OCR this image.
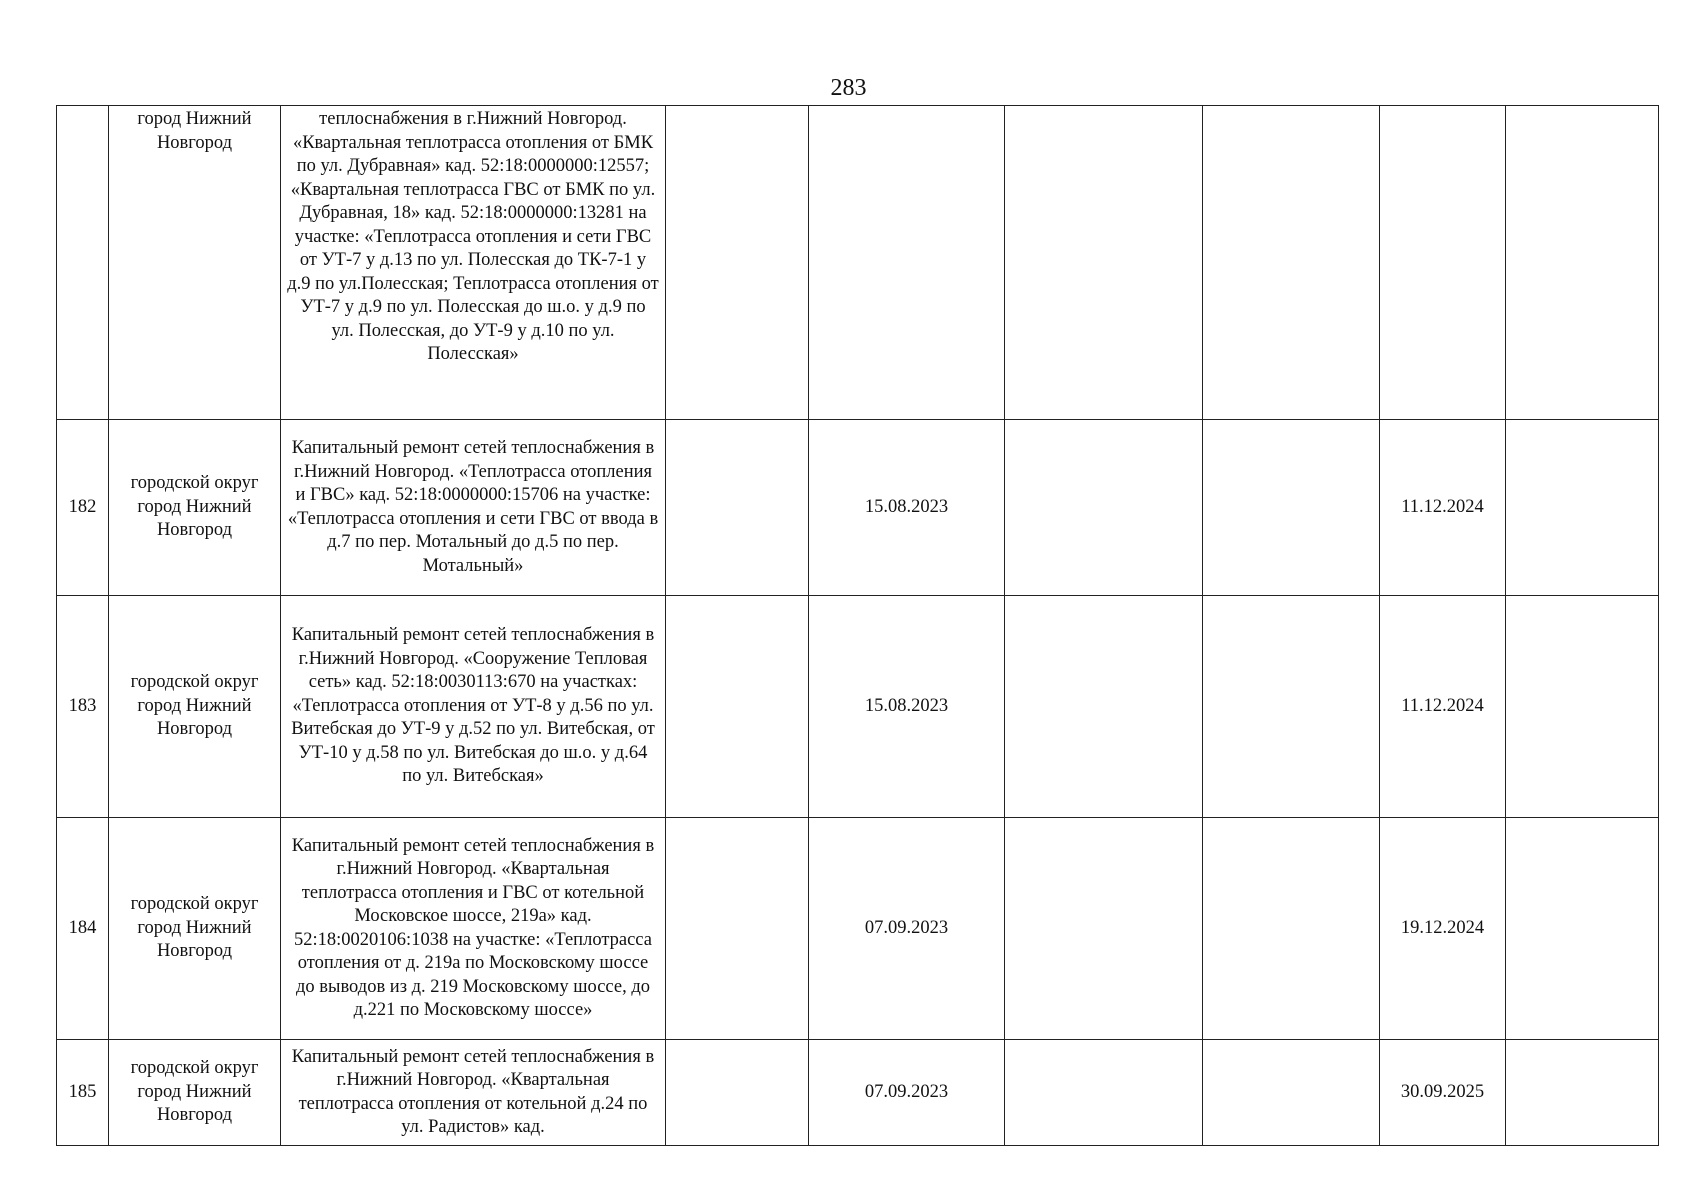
283
	город Нижний Новгород	теплоснабжения в г.Нижний Новгород. «Квартальная теплотрасса отопления от БМК по ул. Дубравная» кад. 52:18:0000000:12557; «Квартальная теплотрасса ГВС от БМК по ул. Дубравная, 18» кад. 52:18:0000000:13281 на участке: «Теплотрасса отопления и сети ГВС от УТ-7 у д.13 по ул. Полесская до ТК-7-1 у д.9 по ул.Полесская; Теплотрасса отопления от УТ-7 у д.9 по ул. Полесская до ш.о. у д.9 по ул. Полесская, до УТ-9 у д.10 по ул. Полесская»						
182	городской округ город Нижний Новгород	Капитальный ремонт сетей теплоснабжения в г.Нижний Новгород. «Теплотрасса отопления и ГВС» кад. 52:18:0000000:15706 на участке: «Теплотрасса отопления и сети ГВС от ввода в д.7 по пер. Мотальный до д.5 по пер. Мотальный»		15.08.2023			11.12.2024	
183	городской округ город Нижний Новгород	Капитальный ремонт сетей теплоснабжения в г.Нижний Новгород. «Сооружение Тепловая сеть» кад. 52:18:0030113:670 на участках: «Теплотрасса отопления от УТ-8 у д.56 по ул. Витебская до УТ-9 у д.52 по ул. Витебская, от УТ-10 у д.58 по ул. Витебская до ш.о. у д.64 по ул. Витебская»		15.08.2023			11.12.2024	
184	городской округ город Нижний Новгород	Капитальный ремонт сетей теплоснабжения в г.Нижний Новгород. «Квартальная теплотрасса отопления и ГВС от котельной Московское шоссе, 219а» кад. 52:18:0020106:1038 на участке: «Теплотрасса отопления от д. 219а по Московскому шоссе до выводов из д. 219 Московскому шоссе, до д.221 по Московскому шоссе»		07.09.2023			19.12.2024	
185	городской округ город Нижний Новгород	Капитальный ремонт сетей теплоснабжения в г.Нижний Новгород. «Квартальная теплотрасса отопления от котельной д.24 по ул. Радистов» кад.		07.09.2023			30.09.2025	
